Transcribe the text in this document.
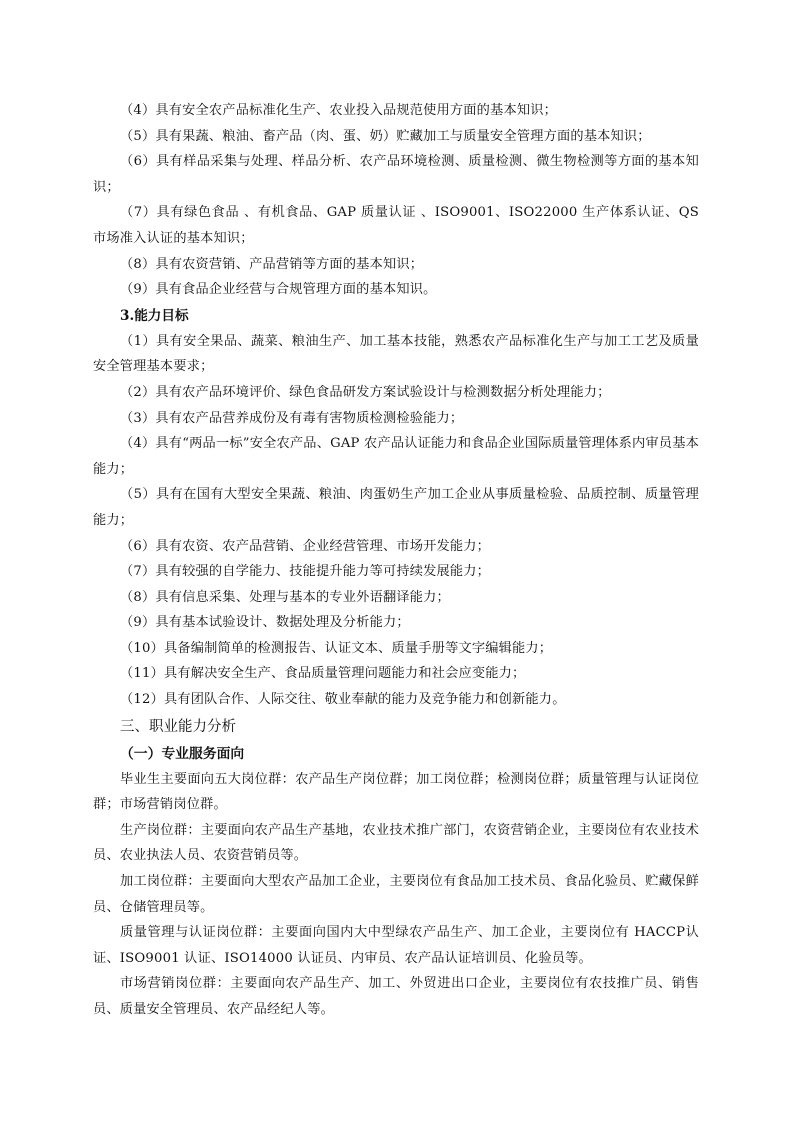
（4）具有安全农产品标准化生产、农业投入品规范使用方面的基本知识；

（5）具有果蔬、粮油、畜产品（肉、蛋、奶）贮藏加工与质量安全管理方面的基本知识；

（6）具有样品采集与处理、样品分析、农产品环境检测、质量检测、微生物检测等方面的基本知识；

（7）具有绿色食品 、有机食品、GAP 质量认证 、ISO9001、ISO22000 生产体系认证、QS 市场准入认证的基本知识；

（8）具有农资营销、产品营销等方面的基本知识；

（9）具有食品企业经营与合规管理方面的基本知识。

3.能力目标

（1）具有安全果品、蔬菜、粮油生产、加工基本技能，熟悉农产品标准化生产与加工工艺及质量安全管理基本要求；

（2）具有农产品环境评价、绿色食品研发方案试验设计与检测数据分析处理能力；

（3）具有农产品营养成份及有毒有害物质检测检验能力；

（4）具有“两品一标”安全农产品、GAP 农产品认证能力和食品企业国际质量管理体系内审员基本能力；

（5）具有在国有大型安全果蔬、粮油、肉蛋奶生产加工企业从事质量检验、品质控制、质量管理能力；

（6）具有农资、农产品营销、企业经营管理、市场开发能力；

（7）具有较强的自学能力、技能提升能力等可持续发展能力；

（8）具有信息采集、处理与基本的专业外语翻译能力；

（9）具有基本试验设计、数据处理及分析能力；

（10）具备编制简单的检测报告、认证文本、质量手册等文字编辑能力；

（11）具有解决安全生产、食品质量管理问题能力和社会应变能力；

（12）具有团队合作、人际交往、敬业奉献的能力及竞争能力和创新能力。

三、职业能力分析

（一）专业服务面向

毕业生主要面向五大岗位群：农产品生产岗位群；加工岗位群；检测岗位群；质量管理与认证岗位群；市场营销岗位群。

生产岗位群：主要面向农产品生产基地，农业技术推广部门，农资营销企业，主要岗位有农业技术员、农业执法人员、农资营销员等。

加工岗位群：主要面向大型农产品加工企业，主要岗位有食品加工技术员、食品化验员、贮藏保鲜员、仓储管理员等。

质量管理与认证岗位群：主要面向国内大中型绿农产品生产、加工企业，主要岗位有 HACCP认证、ISO9001 认证、ISO14000 认证员、内审员、农产品认证培训员、化验员等。

市场营销岗位群：主要面向农产品生产、加工、外贸进出口企业，主要岗位有农技推广员、销售员、质量安全管理员、农产品经纪人等。
